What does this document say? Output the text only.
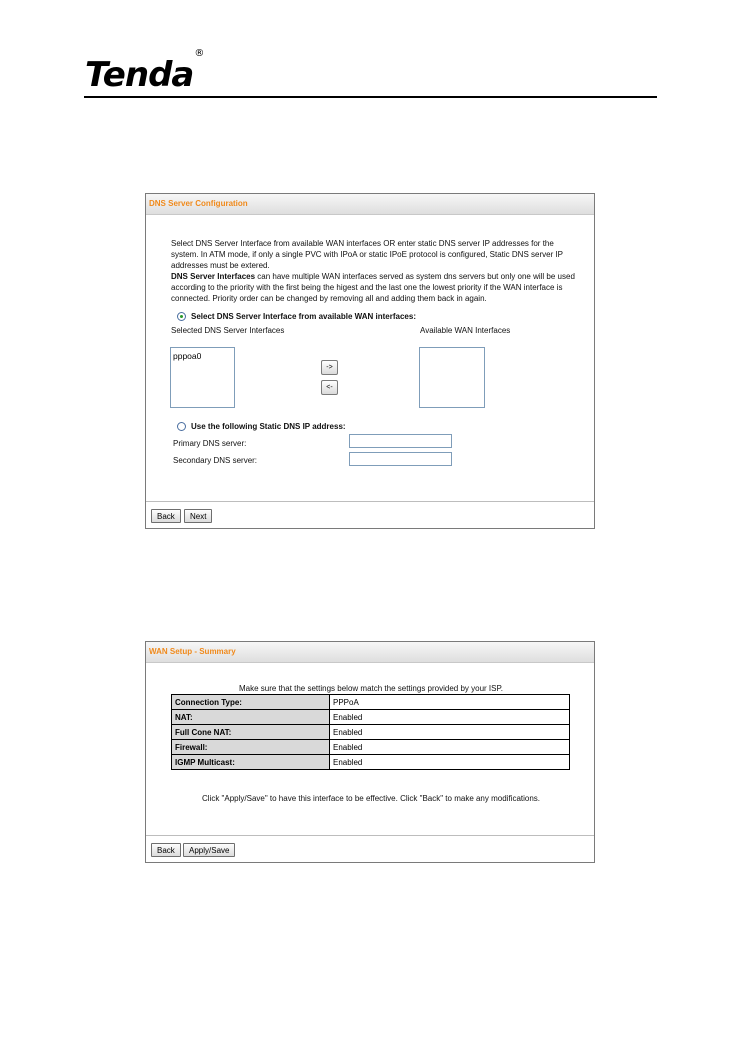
Tenda®
DNS Server Configuration
Select DNS Server Interface from available WAN interfaces OR enter static DNS server IP addresses for the system. In ATM mode, if only a single PVC with IPoA or static IPoE protocol is configured, Static DNS server IP addresses must be extered.
DNS Server Interfaces can have multiple WAN interfaces served as system dns servers but only one will be used according to the priority with the first being the higest and the last one the lowest priority if the WAN interface is connected. Priority order can be changed by removing all and adding them back in again.
Select DNS Server Interface from available WAN interfaces:
Selected DNS Server Interfaces	Available WAN Interfaces
pppoa0
->
<-
Use the following Static DNS IP address:
Primary DNS server:
Secondary DNS server:
Back	Next
WAN Setup - Summary
Make sure that the settings below match the settings provided by your ISP.
Connection Type:	PPPoA
NAT:	Enabled
Full Cone NAT:	Enabled
Firewall:	Enabled
IGMP Multicast:	Enabled
Click "Apply/Save" to have this interface to be effective. Click "Back" to make any modifications.
Back	Apply/Save
